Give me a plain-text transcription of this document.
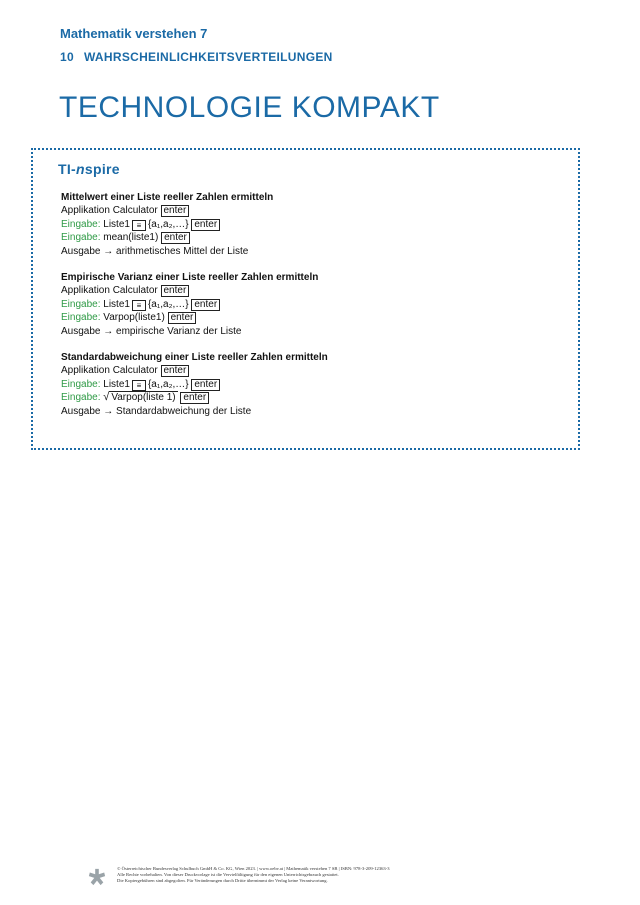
Mathematik verstehen 7
10 WAHRSCHEINLICHKEITSVERTEILUNGEN
TECHNOLOGIE KOMPAKT
TI-nspire
Mittelwert einer Liste reeller Zahlen ermitteln
Applikation Calculator enter
Eingabe: Liste1 ≡ {a₁,a₂,…} enter
Eingabe: mean(liste1) enter
Ausgabe → arithmetisches Mittel der Liste
Empirische Varianz einer Liste reeller Zahlen ermitteln
Applikation Calculator enter
Eingabe: Liste1 ≡ {a₁,a₂,…} enter
Eingabe: Varpop(liste1) enter
Ausgabe → empirische Varianz der Liste
Standardabweichung einer Liste reeller Zahlen ermitteln
Applikation Calculator enter
Eingabe: Liste1 ≡ {a₁,a₂,…} enter
Eingabe: √ Varpop(liste 1) enter
Ausgabe → Standardabweichung der Liste
© Österreichischer Bundesverlag Schulbuch GmbH & Co. KG, Wien 2023. | www.oebv.at | Mathematik verstehen 7 SB | ISBN: 978-3-209-12363-3
Alle Rechte vorbehalten. Von dieser Druckvorlage ist die Vervielfältigung für den eigenen Unterrichtsgebrauch gestattet.
Die Kopiergebühren sind abgegolten. Für Veränderungen durch Dritte übernimmt der Verlag keine Verantwortung.
